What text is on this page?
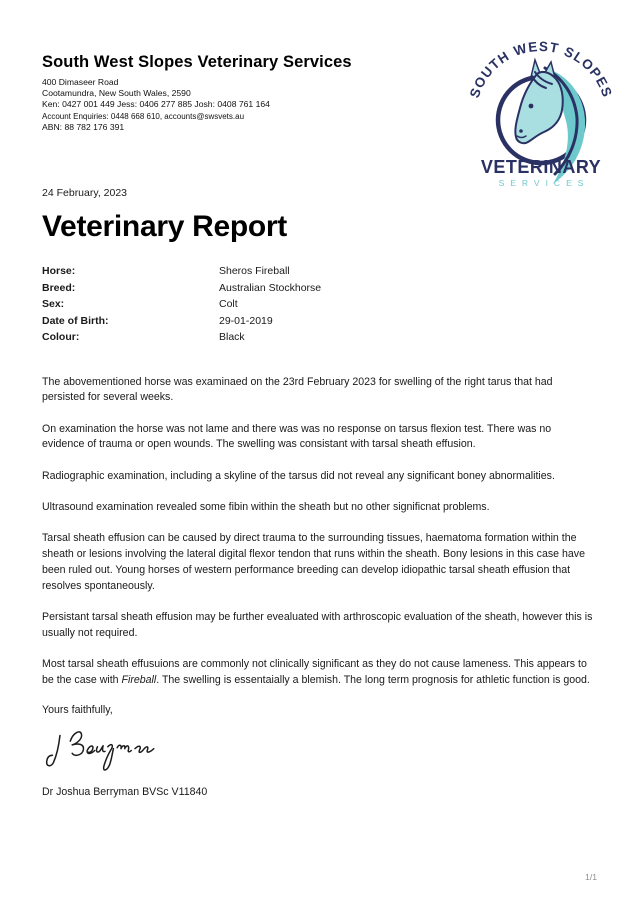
South West Slopes Veterinary Services
400 Dimaseer Road
Cootamundra, New South Wales, 2590
Ken: 0427 001 449 Jess: 0406 277 885 Josh: 0408 761 164
Account Enquiries: 0448 668 610, accounts@swsvets.au
ABN: 88 782 176 391
SOUTH WEST SLOPES
VETERINARY
SERVICES
24 February, 2023
Veterinary Report
Horse:	Sheros Fireball
Breed:	Australian Stockhorse
Sex:	Colt
Date of Birth:	29-01-2019
Colour:	Black

The abovementioned horse was examinaed on the 23rd February 2023 for swelling of the right tarus that had persisted for several weeks.

On examination the horse was not lame and there was was no response on tarsus flexion test. There was no evidence of trauma or open wounds. The swelling was consistant with tarsal sheath effusion.

Radiographic examination, including a skyline of the tarsus did not reveal any significant boney abnormalities.

Ultrasound examination revealed some fibin within the sheath but no other significnat problems.

Tarsal sheath effusion can be caused by direct trauma to the surrounding tissues, haematoma formation within the sheath or lesions involving the lateral digital flexor tendon that runs within the sheath. Bony lesions in this case have been ruled out. Young horses of western performance breeding can develop idiopathic tarsal sheath effusion that resolves spontaneously.

Persistant tarsal sheath effusion may be further evealuated with arthroscopic evaluation of the sheath, however this is usually not required.

Most tarsal sheath effusuions are commonly not clinically significant as they do not cause lameness. This appears to be the case with Fireball. The swelling is essentaially a blemish. The long term prognosis for athletic function is good.

Yours faithfully,
Dr Joshua Berryman BVSc V11840
1/1
